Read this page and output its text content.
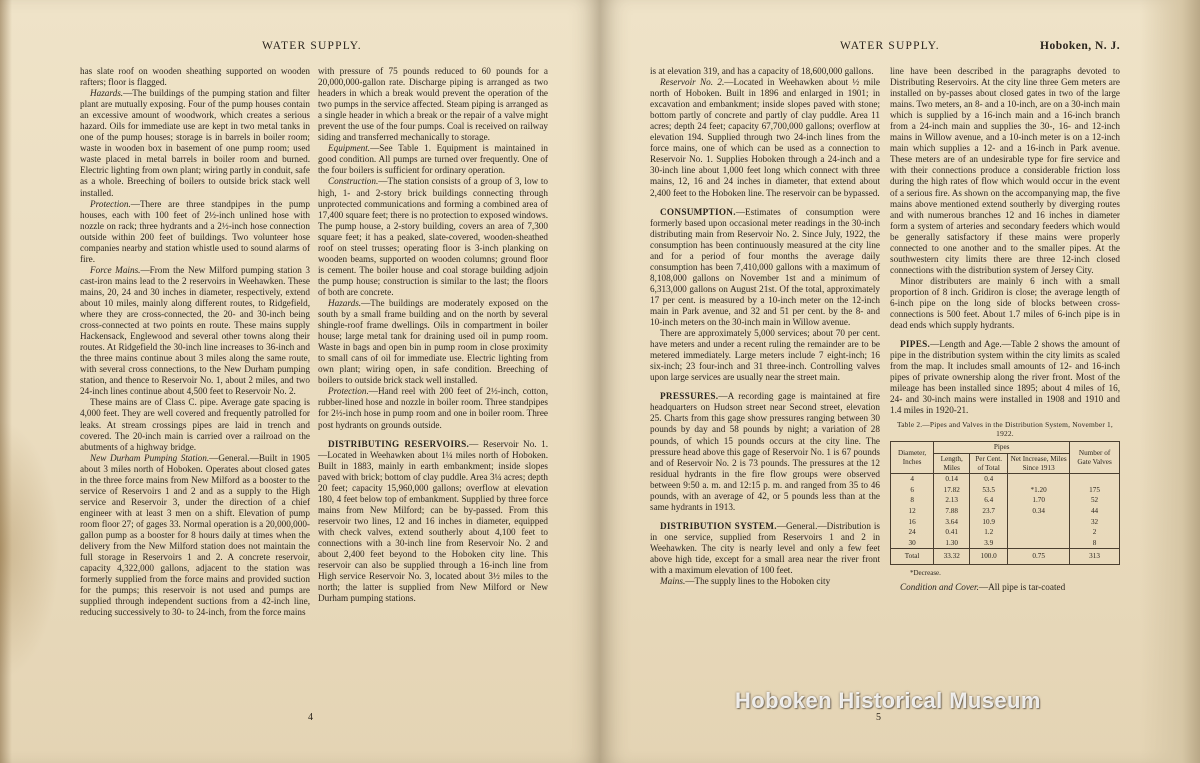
WATER SUPPLY.

has slate roof on wooden sheathing supported on wooden rafters; floor is flagged.

Hazards.—The buildings of the pumping station and filter plant are mutually exposing. Four of the pump houses contain an excessive amount of woodwork, which creates a serious hazard. Oils for immediate use are kept in two metal tanks in one of the pump houses; storage is in barrels in boiler room; waste in wooden box in basement of one pump room; used waste placed in metal barrels in boiler room and burned. Electric lighting from own plant; wiring partly in conduit, safe as a whole. Breeching of boilers to outside brick stack well installed.

Protection.—There are three standpipes in the pump houses, each with 100 feet of 2½-inch unlined hose with nozzle on rack; three hydrants and a 2½-inch hose connection outside within 200 feet of buildings. Two volunteer hose companies nearby and station whistle used to sound alarms of fire.

Force Mains.—From the New Milford pumping station 3 cast-iron mains lead to the 2 reservoirs in Weehawken. These mains, 20, 24 and 30 inches in diameter, respectively, extend about 10 miles, mainly along different routes, to Ridgefield, where they are cross-connected, the 20- and 30-inch being cross-connected at two points en route. These mains supply Hackensack, Englewood and several other towns along their routes. At Ridgefield the 30-inch line increases to 36-inch and the three mains continue about 3 miles along the same route, with several cross connections, to the New Durham pumping station, and thence to Reservoir No. 1, about 2 miles, and two 24-inch lines continue about 4,500 feet to Reservoir No. 2.

These mains are of Class C. pipe. Average gate spacing is 4,000 feet. They are well covered and frequently patrolled for leaks. At stream crossings pipes are laid in trench and covered. The 20-inch main is carried over a railroad on the abutments of a highway bridge.

New Durham Pumping Station.—General.—Built in 1905 about 3 miles north of Hoboken. Operates about closed gates in the three force mains from New Milford as a booster to the service of Reservoirs 1 and 2 and as a supply to the High service and Reservoir 3, under the direction of a chief engineer with at least 3 men on a shift. Elevation of pump room floor 27; of gages 33. Normal operation is a 20,000,000-gallon pump as a booster for 8 hours daily at times when the delivery from the New Milford station does not maintain the full storage in Reservoirs 1 and 2. A concrete reservoir, capacity 4,322,000 gallons, adjacent to the station was formerly supplied from the force mains and provided suction for the pumps; this reservoir is not used and pumps are supplied through independent suctions from a 42-inch line, reducing successively to 30- to 24-inch, from the force mains

with pressure of 75 pounds reduced to 60 pounds for a 20,000,000-gallon rate. Discharge piping is arranged as two headers in which a break would prevent the operation of the two pumps in the service affected. Steam piping is arranged as a single header in which a break or the repair of a valve might prevent the use of the four pumps. Coal is received on railway siding and transferred mechanically to storage.

Equipment.—See Table 1. Equipment is maintained in good condition. All pumps are turned over frequently. One of the four boilers is sufficient for ordinary operation.

Construction.—The station consists of a group of 3, low to high, 1- and 2-story brick buildings connecting through unprotected communications and forming a combined area of 17,400 square feet; there is no protection to exposed windows. The pump house, a 2-story building, covers an area of 7,300 square feet; it has a peaked, slate-covered, wooden-sheathed roof on steel trusses; operating floor is 3-inch planking on wooden beams, supported on wooden columns; ground floor is cement. The boiler house and coal storage building adjoin the pump house; construction is similar to the last; the floors of both are concrete.

Hazards.—The buildings are moderately exposed on the south by a small frame building and on the north by several shingle-roof frame dwellings. Oils in compartment in boiler house; large metal tank for draining used oil in pump room. Waste in bags and open bin in pump room in close proximity to small cans of oil for immediate use. Electric lighting from own plant; wiring open, in safe condition. Breeching of boilers to outside brick stack well installed.

Protection.—Hand reel with 200 feet of 2½-inch, cotton, rubber-lined hose and nozzle in boiler room. Three standpipes for 2½-inch hose in pump room and one in boiler room. Three post hydrants on grounds outside.

DISTRIBUTING RESERVOIRS.— Reservoir No. 1.—Located in Weehawken about 1¼ miles north of Hoboken. Built in 1883, mainly in earth embankment; inside slopes paved with brick; bottom of clay puddle. Area 3¼ acres; depth 20 feet; capacity 15,960,000 gallons; overflow at elevation 180, 4 feet below top of embankment. Supplied by three force mains from New Milford; can be by-passed. From this reservoir two lines, 12 and 16 inches in diameter, equipped with check valves, extend southerly about 4,100 feet to connections with a 30-inch line from Reservoir No. 2 and about 2,400 feet beyond to the Hoboken city line. This reservoir can also be supplied through a 16-inch line from High service Reservoir No. 3, located about 3½ miles to the north; the latter is supplied from New Milford or New Durham pumping stations.

4
WATER SUPPLY.	Hoboken, N. J.

is at elevation 319, and has a capacity of 18,600,000 gallons.

Reservoir No. 2.—Located in Weehawken about ½ mile north of Hoboken. Built in 1896 and enlarged in 1901; in excavation and embankment; inside slopes paved with stone; bottom partly of concrete and partly of clay puddle. Area 11 acres; depth 24 feet; capacity 67,700,000 gallons; overflow at elevation 194. Supplied through two 24-inch lines from the force mains, one of which can be used as a connection to Reservoir No. 1. Supplies Hoboken through a 24-inch and a 30-inch line about 1,000 feet long which connect with three mains, 12, 16 and 24 inches in diameter, that extend about 2,400 feet to the Hoboken line. The reservoir can be bypassed.

CONSUMPTION.—Estimates of consumption were formerly based upon occasional meter readings in the 30-inch distributing main from Reservoir No. 2. Since July, 1922, the consumption has been continuously measured at the city line and for a period of four months the average daily consumption has been 7,410,000 gallons with a maximum of 8,108,000 gallons on November 1st and a minimum of 6,313,000 gallons on August 21st. Of the total, approximately 17 per cent. is measured by a 10-inch meter on the 12-inch main in Park avenue, and 32 and 51 per cent. by the 8- and 10-inch meters on the 30-inch main in Willow avenue.

There are approximately 5,000 services; about 70 per cent. have meters and under a recent ruling the remainder are to be metered immediately. Large meters include 7 eight-inch; 16 six-inch; 23 four-inch and 31 three-inch. Controlling valves upon large services are usually near the street main.

PRESSURES.—A recording gage is maintained at fire headquarters on Hudson street near Second street, elevation 25. Charts from this gage show pressures ranging between 30 pounds by day and 58 pounds by night; a variation of 28 pounds, of which 15 pounds occurs at the city line. The pressure head above this gage of Reservoir No. 1 is 67 pounds and of Reservoir No. 2 is 73 pounds. The pressures at the 12 residual hydrants in the fire flow groups were observed between 9:50 a. m. and 12:15 p. m. and ranged from 35 to 46 pounds, with an average of 42, or 5 pounds less than at the same hydrants in 1913.

DISTRIBUTION SYSTEM.—General.—Distribution is in one service, supplied from Reservoirs 1 and 2 in Weehawken. The city is nearly level and only a few feet above high tide, except for a small area near the river front with a maximum elevation of 100 feet.

Mains.—The supply lines to the Hoboken city

line have been described in the paragraphs devoted to Distributing Reservoirs. At the city line three Gem meters are installed on by-passes about closed gates in two of the large mains. Two meters, an 8- and a 10-inch, are on a 30-inch main which is supplied by a 16-inch main and a 16-inch branch from a 24-inch main and supplies the 30-, 16- and 12-inch mains in Willow avenue, and a 10-inch meter is on a 12-inch main which supplies a 12- and a 16-inch in Park avenue. These meters are of an undesirable type for fire service and with their connections produce a considerable friction loss during the high rates of flow which would occur in the event of a serious fire. As shown on the accompanying map, the five mains above mentioned extend southerly by diverging routes and with numerous branches 12 and 16 inches in diameter form a system of arteries and secondary feeders which would be generally satisfactory if these mains were properly connected to one another and to the smaller pipes. At the southwestern city limits there are three 12-inch closed connections with the distribution system of Jersey City.

Minor distributers are mainly 6 inch with a small proportion of 8 inch. Gridiron is close; the average length of 6-inch pipe on the long side of blocks between cross-connections is 500 feet. About 1.7 miles of 6-inch pipe is in dead ends which supply hydrants.

PIPES.—Length and Age.—Table 2 shows the amount of pipe in the distribution system within the city limits as scaled from the map. It includes small amounts of 12- and 16-inch pipes of private ownership along the river front. Most of the mileage has been installed since 1895; about 4 miles of 16, 24- and 30-inch mains were installed in 1908 and 1910 and 1.4 miles in 1920-21.

Table 2.—Pipes and Valves in the Distribution System, November 1, 1922.
Diameter, Inches	Pipes			Number of Gate Valves
	Length, Miles	Per Cent. of Total	Net Increase, Miles Since 1913	
4	0.14	0.4		
6	17.82	53.5	*1.20	175
8	2.13	6.4	1.70	52
12	7.88	23.7	0.34	44
16	3.64	10.9		32
24	0.41	1.2		2
30	1.30	3.9		8
Total	33.32	100.0	0.75	313
*Decrease.

Condition and Cover.—All pipe is tar-coated

5
Hoboken Historical Museum
